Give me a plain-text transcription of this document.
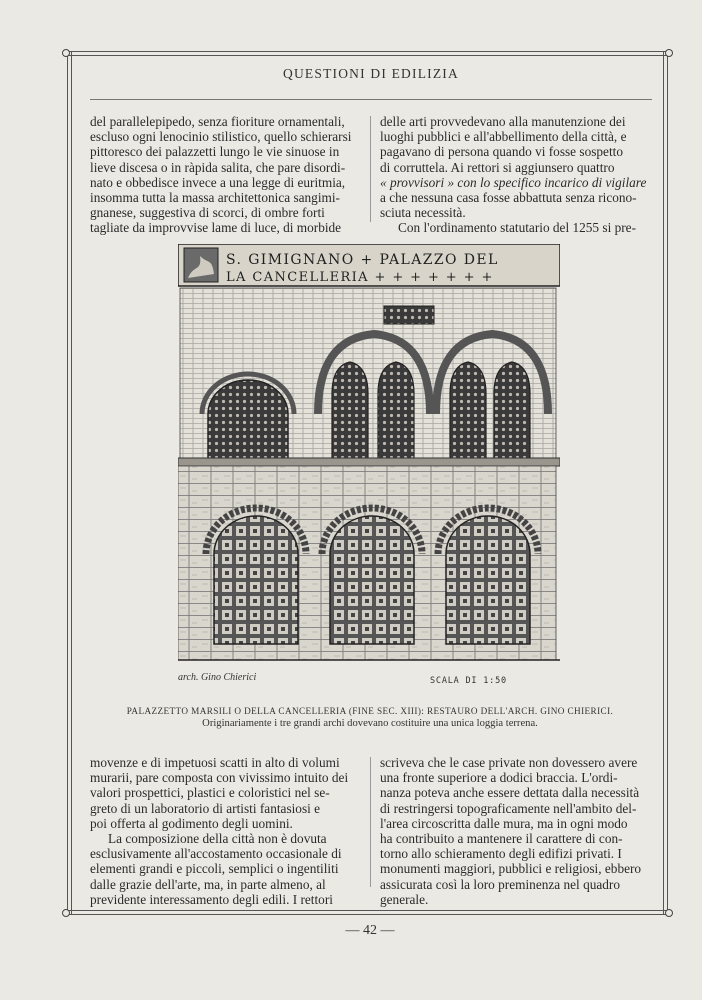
QUESTIONI DI EDILIZIA

del parallelepipedo, senza fioriture ornamentali,

escluso ogni lenocinio stilistico, quello schierarsi

pittoresco dei palazzetti lungo le vie sinuose in

lieve discesa o in ràpida salita, che pare disordi-

nato e obbedisce invece a una legge di euritmia,

insomma tutta la massa architettonica sangimi-

gnanese, suggestiva di scorci, di ombre forti

tagliate da improvvise lame di luce, di morbide

delle arti provvedevano alla manutenzione dei

luoghi pubblici e all'abbellimento della città, e

pagavano di persona quando vi fosse sospetto

di corruttela. Ai rettori si aggiunsero quattro

« provvisori » con lo specifico incarico di vigilare

a che nessuna casa fosse abbattuta senza ricono-

sciuta necessità.

Con l'ordinamento statutario del 1255 si pre-

S. GIMIGNANO + PALAZZO DEL
LA CANCELLERIA + + + + + + +
arch. Gino Chierici	SCALA DI 1:50
PALAZZETTO MARSILI O DELLA CANCELLERIA (FINE SEC. XIII): RESTAURO DELL'ARCH. GINO CHIERICI.
Originariamente i tre grandi archi dovevano costituire una unica loggia terrena.

movenze e di impetuosi scatti in alto di volumi

murarii, pare composta con vivissimo intuito dei

valori prospettici, plastici e coloristici nel se-

greto di un laboratorio di artisti fantasiosi e

poi offerta al godimento degli uomini.

La composizione della città non è dovuta

esclusivamente all'accostamento occasionale di

elementi grandi e piccoli, semplici o ingentiliti

dalle grazie dell'arte, ma, in parte almeno, al

previdente interessamento degli edili. I rettori

scriveva che le case private non dovessero avere

una fronte superiore a dodici braccia. L'ordi-

nanza poteva anche essere dettata dalla necessità

di restringersi topograficamente nell'ambito del-

l'area circoscritta dalle mura, ma in ogni modo

ha contribuito a mantenere il carattere di con-

torno allo schieramento degli edifizi privati. I

monumenti maggiori, pubblici e religiosi, ebbero

assicurata così la loro preminenza nel quadro

generale.

— 42 —
